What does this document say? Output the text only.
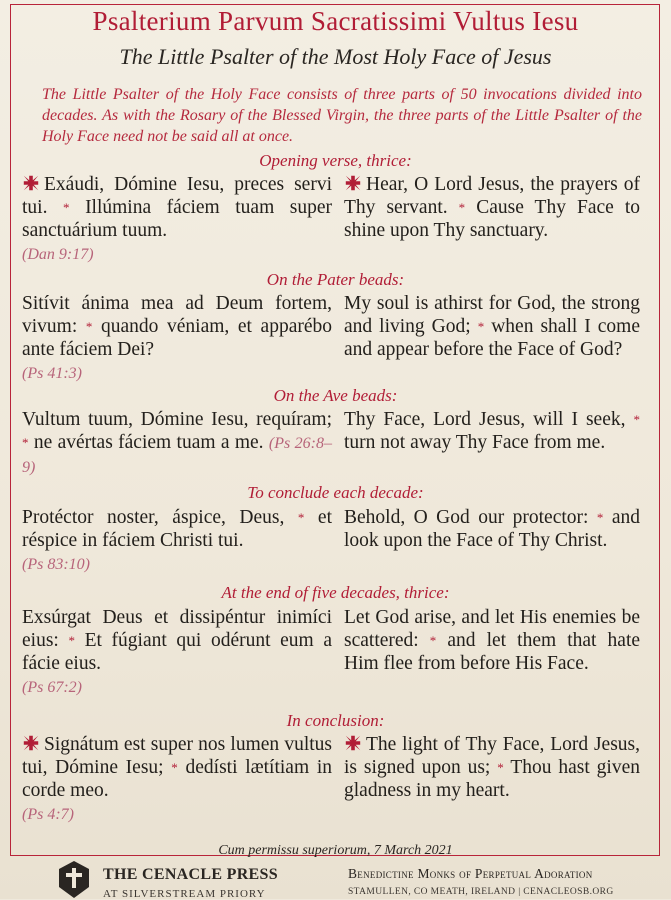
Psalterium Parvum Sacratissimi Vultus Iesu
The Little Psalter of the Most Holy Face of Jesus
The Little Psalter of the Holy Face consists of three parts of 50 invocations divided into decades. As with the Rosary of the Blessed Virgin, the three parts of the Little Psalter of the Holy Face need not be said all at once.
Opening verse, thrice:
Exáudi, Dómine Iesu, preces servi tui. * Illúmina fáciem tuam super sanctuárium tuum.
(Dan 9:17)
Hear, O Lord Jesus, the prayers of Thy servant. * Cause Thy Face to shine upon Thy sanctuary.
On the Pater beads:
Sitívit ánima mea ad Deum fortem, vivum: * quando véniam, et apparébo ante fáciem Dei?
(Ps 41:3)
My soul is athirst for God, the strong and living God; * when shall I come and appear before the Face of God?
On the Ave beads:
Vultum tuum, Dómine Iesu, requíram; * ne avértas fáciem tuam a me. (Ps 26:8–9)
Thy Face, Lord Jesus, will I seek, * turn not away Thy Face from me.
To conclude each decade:
Protéctor noster, áspice, Deus, * et réspice in fáciem Christi tui.
(Ps 83:10)
Behold, O God our protector: * and look upon the Face of Thy Christ.
At the end of five decades, thrice:
Exsúrgat Deus et dissipéntur inimíci eius: * Et fúgiant qui odérunt eum a fácie eius.
(Ps 67:2)
Let God arise, and let His enemies be scattered: * and let them that hate Him flee from before His Face.
In conclusion:
Signátum est super nos lumen vultus tui, Dómine Iesu; * dedísti lætítiam in corde meo.
(Ps 4:7)
The light of Thy Face, Lord Jesus, is signed upon us; * Thou hast given gladness in my heart.
Cum permissu superiorum, 7 March 2021
THE CENACLE PRESS
AT SILVERSTREAM PRIORY
Benedictine Monks of Perpetual Adoration
STAMULLEN, CO MEATH, IRELAND | CENACLEOSB.ORG
